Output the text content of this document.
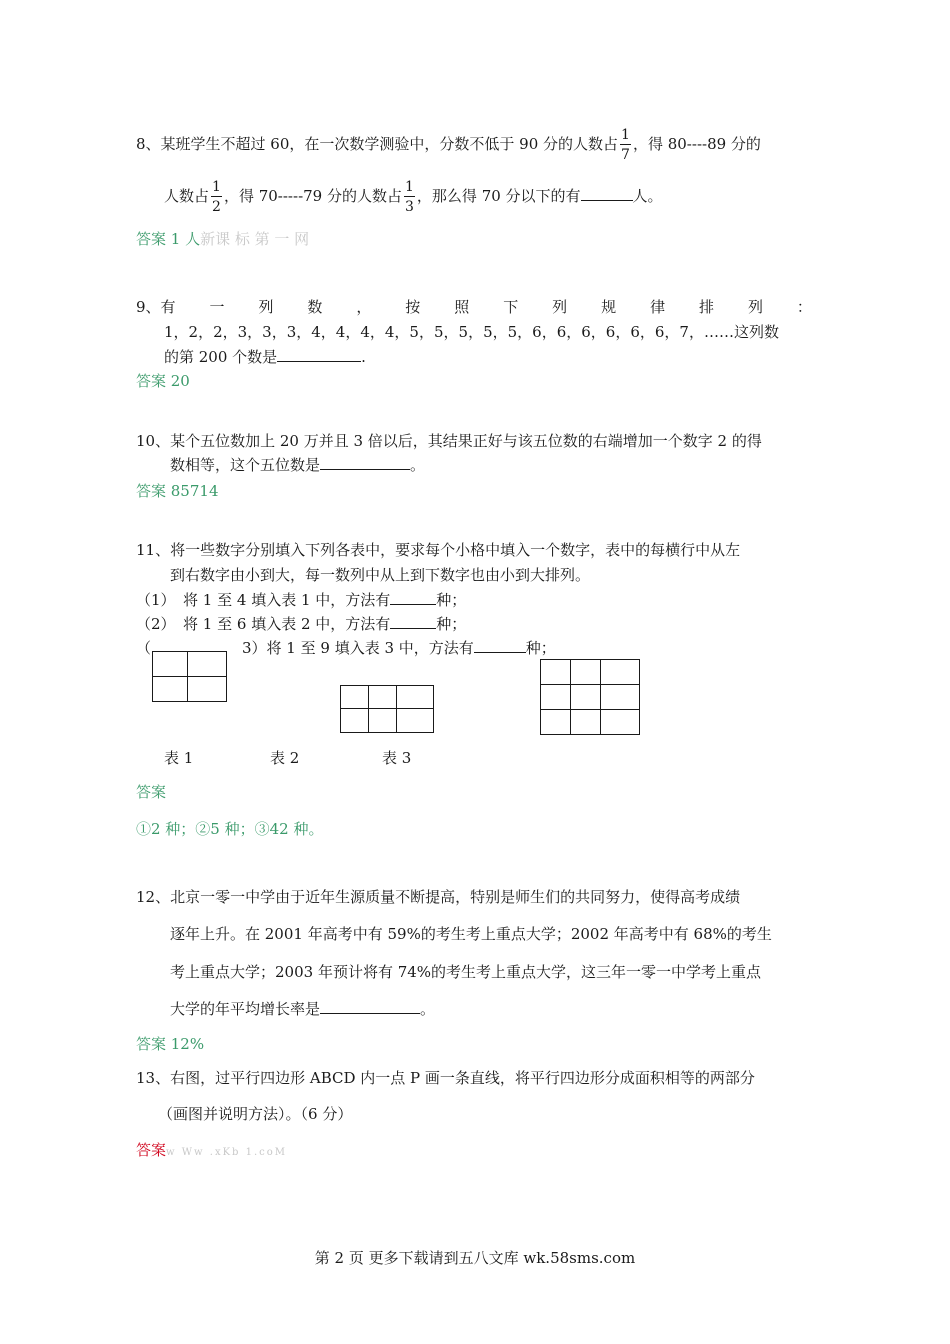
8、某班学生不超过 60，在一次数学测验中，分数不低于 90 分的人数占 $\frac{1}{7}$ ，得 80----89 分的
人数占 $\frac{1}{2}$ ，得 70-----79 分的人数占 $\frac{1}{3}$ ，那么得 70 分以下的有	人。
答案 1 人新课 标 第 一 网
9、有 一 列 数 ， 按 照 下 列 规 律 排 列 ：
1，2，2，3，3，3，4，4，4，4，5，5，5，5，5，6，6，6，6，6，6，7，……这列数
的第 200 个数是	.
答案 20
10、某个五位数加上 20 万并且 3 倍以后，其结果正好与该五位数的右端增加一个数字 2 的得
数相等，这个五位数是	。
答案 85714
11、将一些数字分别填入下列各表中，要求每个小格中填入一个数字，表中的每横行中从左
到右数字由小到大，每一数列中从上到下数字也由小到大排列。
（1）　将 1 至 4 填入表 1 中，方法有	种；
（2）　将 1 至 6 填入表 2 中，方法有	种；
（	3）将 1 至 9 填入表 3 中，方法有	种；

表 1	表 2	表 3
答案
①2 种；②5 种；③42 种。
12、北京一零一中学由于近年生源质量不断提高，特别是师生们的共同努力，使得高考成绩
逐年上升。在 2001 年高考中有 59%的考生考上重点大学；2002 年高考中有 68%的考生
考上重点大学；2003 年预计将有 74%的考生考上重点大学，这三年一零一中学考上重点
大学的年平均增长率是	。
答案 12%
13、右图，过平行四边形 ABCD 内一点 P 画一条直线，将平行四边形分成面积相等的两部分
（画图并说明方法）。（6 分）
答案w Ww .xKb 1.coM
第 2 页 更多下载请到五八文库 wk.58sms.com
